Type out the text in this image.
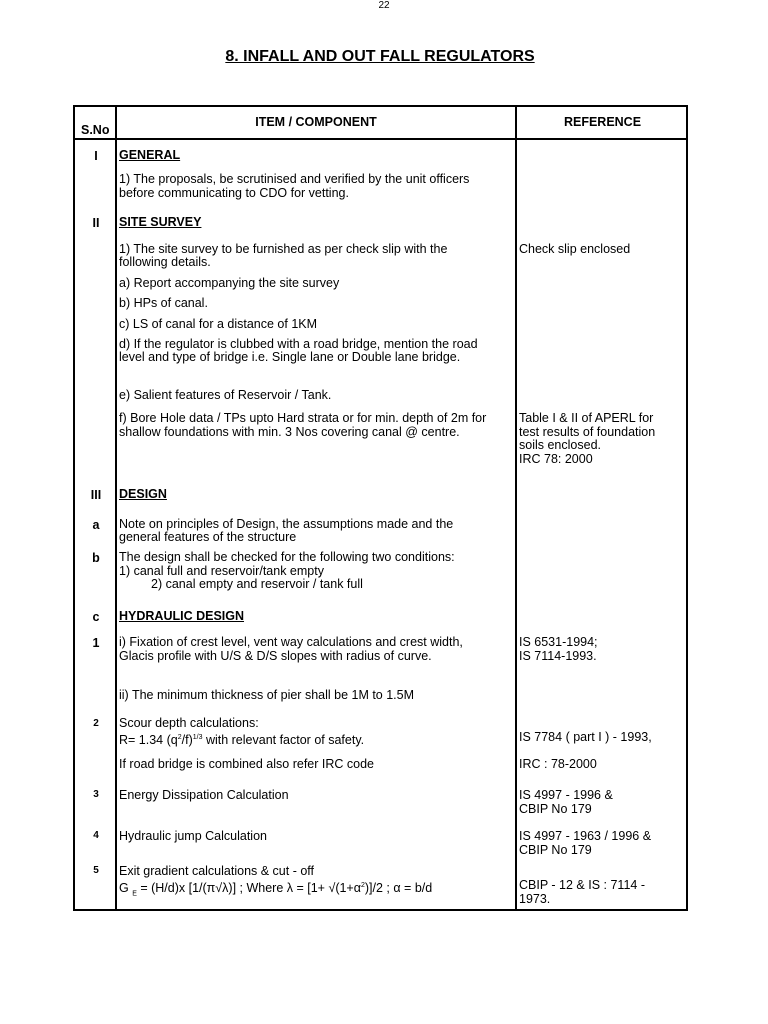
22
8. INFALL AND OUT FALL REGULATORS
S.No
ITEM / COMPONENT	REFERENCE
I
II
III
a
b
c
1
2
3
4
5
GENERAL
1) The proposals, be scrutinised and verified by the unit officers
before communicating to CDO for vetting.
SITE SURVEY
1) The site survey to be furnished as per check slip with the
following details.
a) Report accompanying the site survey
b) HPs of canal.
c) LS of canal for a distance of 1KM
d) If the regulator is clubbed with a road bridge, mention the road
level and type of bridge i.e. Single lane or Double lane bridge.
e) Salient features of Reservoir / Tank.
f) Bore Hole data / TPs upto Hard strata or for min. depth of 2m for
shallow foundations with min. 3 Nos covering canal @ centre.
DESIGN
Note on principles of Design, the assumptions made and the
general features of the structure
The design shall be checked for the following two conditions:
1) canal full and reservoir/tank empty
2) canal empty and reservoir / tank full
HYDRAULIC DESIGN
i) Fixation of crest level, vent way calculations and crest width,
Glacis profile with U/S & D/S slopes with radius of curve.
ii) The minimum thickness of pier shall be 1M to 1.5M
Scour depth calculations:
R= 1.34 $(q^2/f)^{1/3}$ with relevant factor of safety.
If road bridge is combined also refer IRC code
Energy Dissipation Calculation
Hydraulic jump Calculation
Exit gradient calculations & cut - off
G $_E$ = (H/d)x [1/(π√λ)] ; Where $\lambda = [1+ √(1+\alpha^2)]/2$ ; α = b/d
Check slip enclosed
Table I & II of APERL for
test results of foundation
soils enclosed.
IRC 78: 2000
IS 6531-1994;
IS 7114-1993.
IS 7784 ( part I ) - 1993,
IRC : 78-2000
IS 4997 - 1996 &
CBIP No 179
IS 4997 - 1963 / 1996 &
CBIP No 179
CBIP - 12 & IS : 7114 -
1973.
